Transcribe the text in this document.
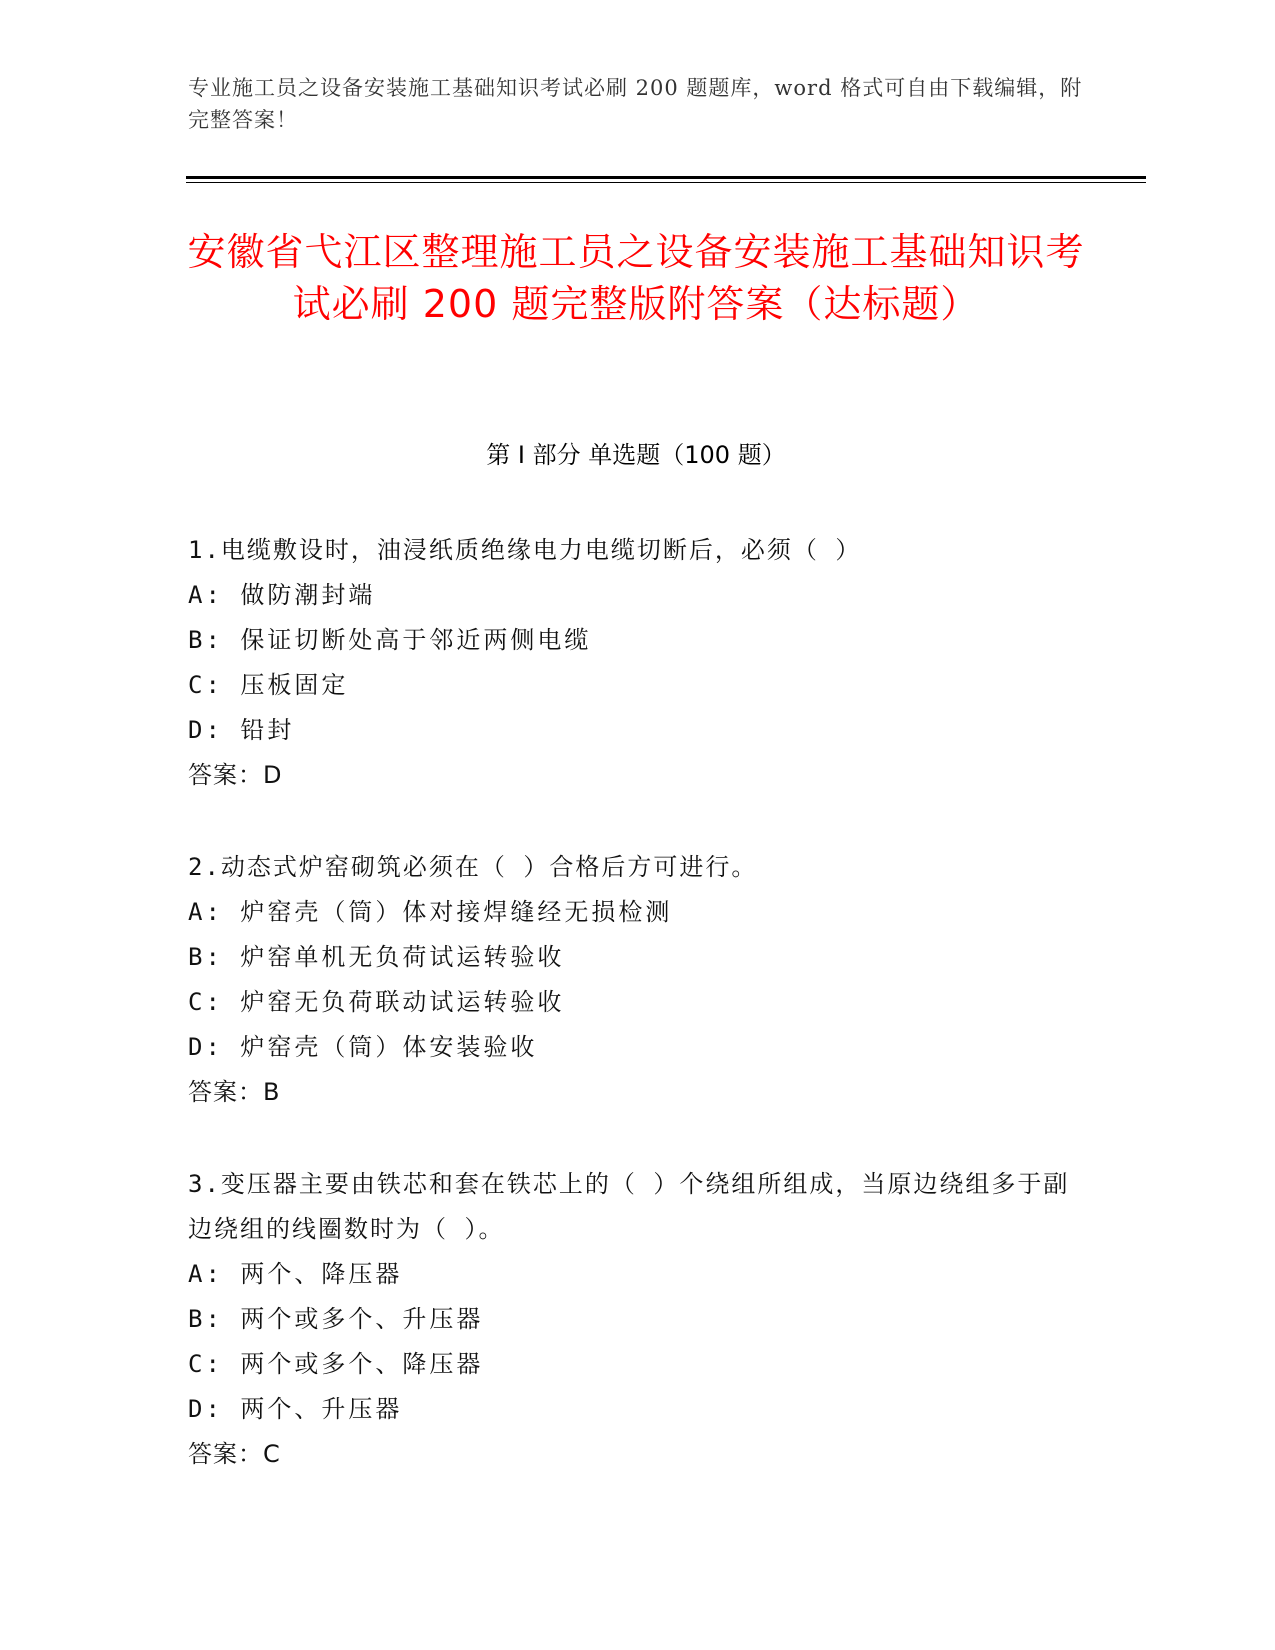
专业施工员之设备安装施工基础知识考试必刷 200 题题库，word 格式可自由下载编辑，附完整答案！
安徽省弋江区整理施工员之设备安装施工基础知识考试必刷 200 题完整版附答案（达标题）
第 I 部分 单选题（100 题）

1.电缆敷设时，油浸纸质绝缘电力电缆切断后，必须（ ）

A: 做防潮封端

B: 保证切断处高于邻近两侧电缆

C: 压板固定

D: 铅封

答案：D

2.动态式炉窑砌筑必须在（ ）合格后方可进行。

A: 炉窑壳（筒）体对接焊缝经无损检测

B: 炉窑单机无负荷试运转验收

C: 炉窑无负荷联动试运转验收

D: 炉窑壳（筒）体安装验收

答案：B

3.变压器主要由铁芯和套在铁芯上的（ ）个绕组所组成，当原边绕组多于副边绕组的线圈数时为（ ）。

A: 两个、降压器

B: 两个或多个、升压器

C: 两个或多个、降压器

D: 两个、升压器

答案：C
